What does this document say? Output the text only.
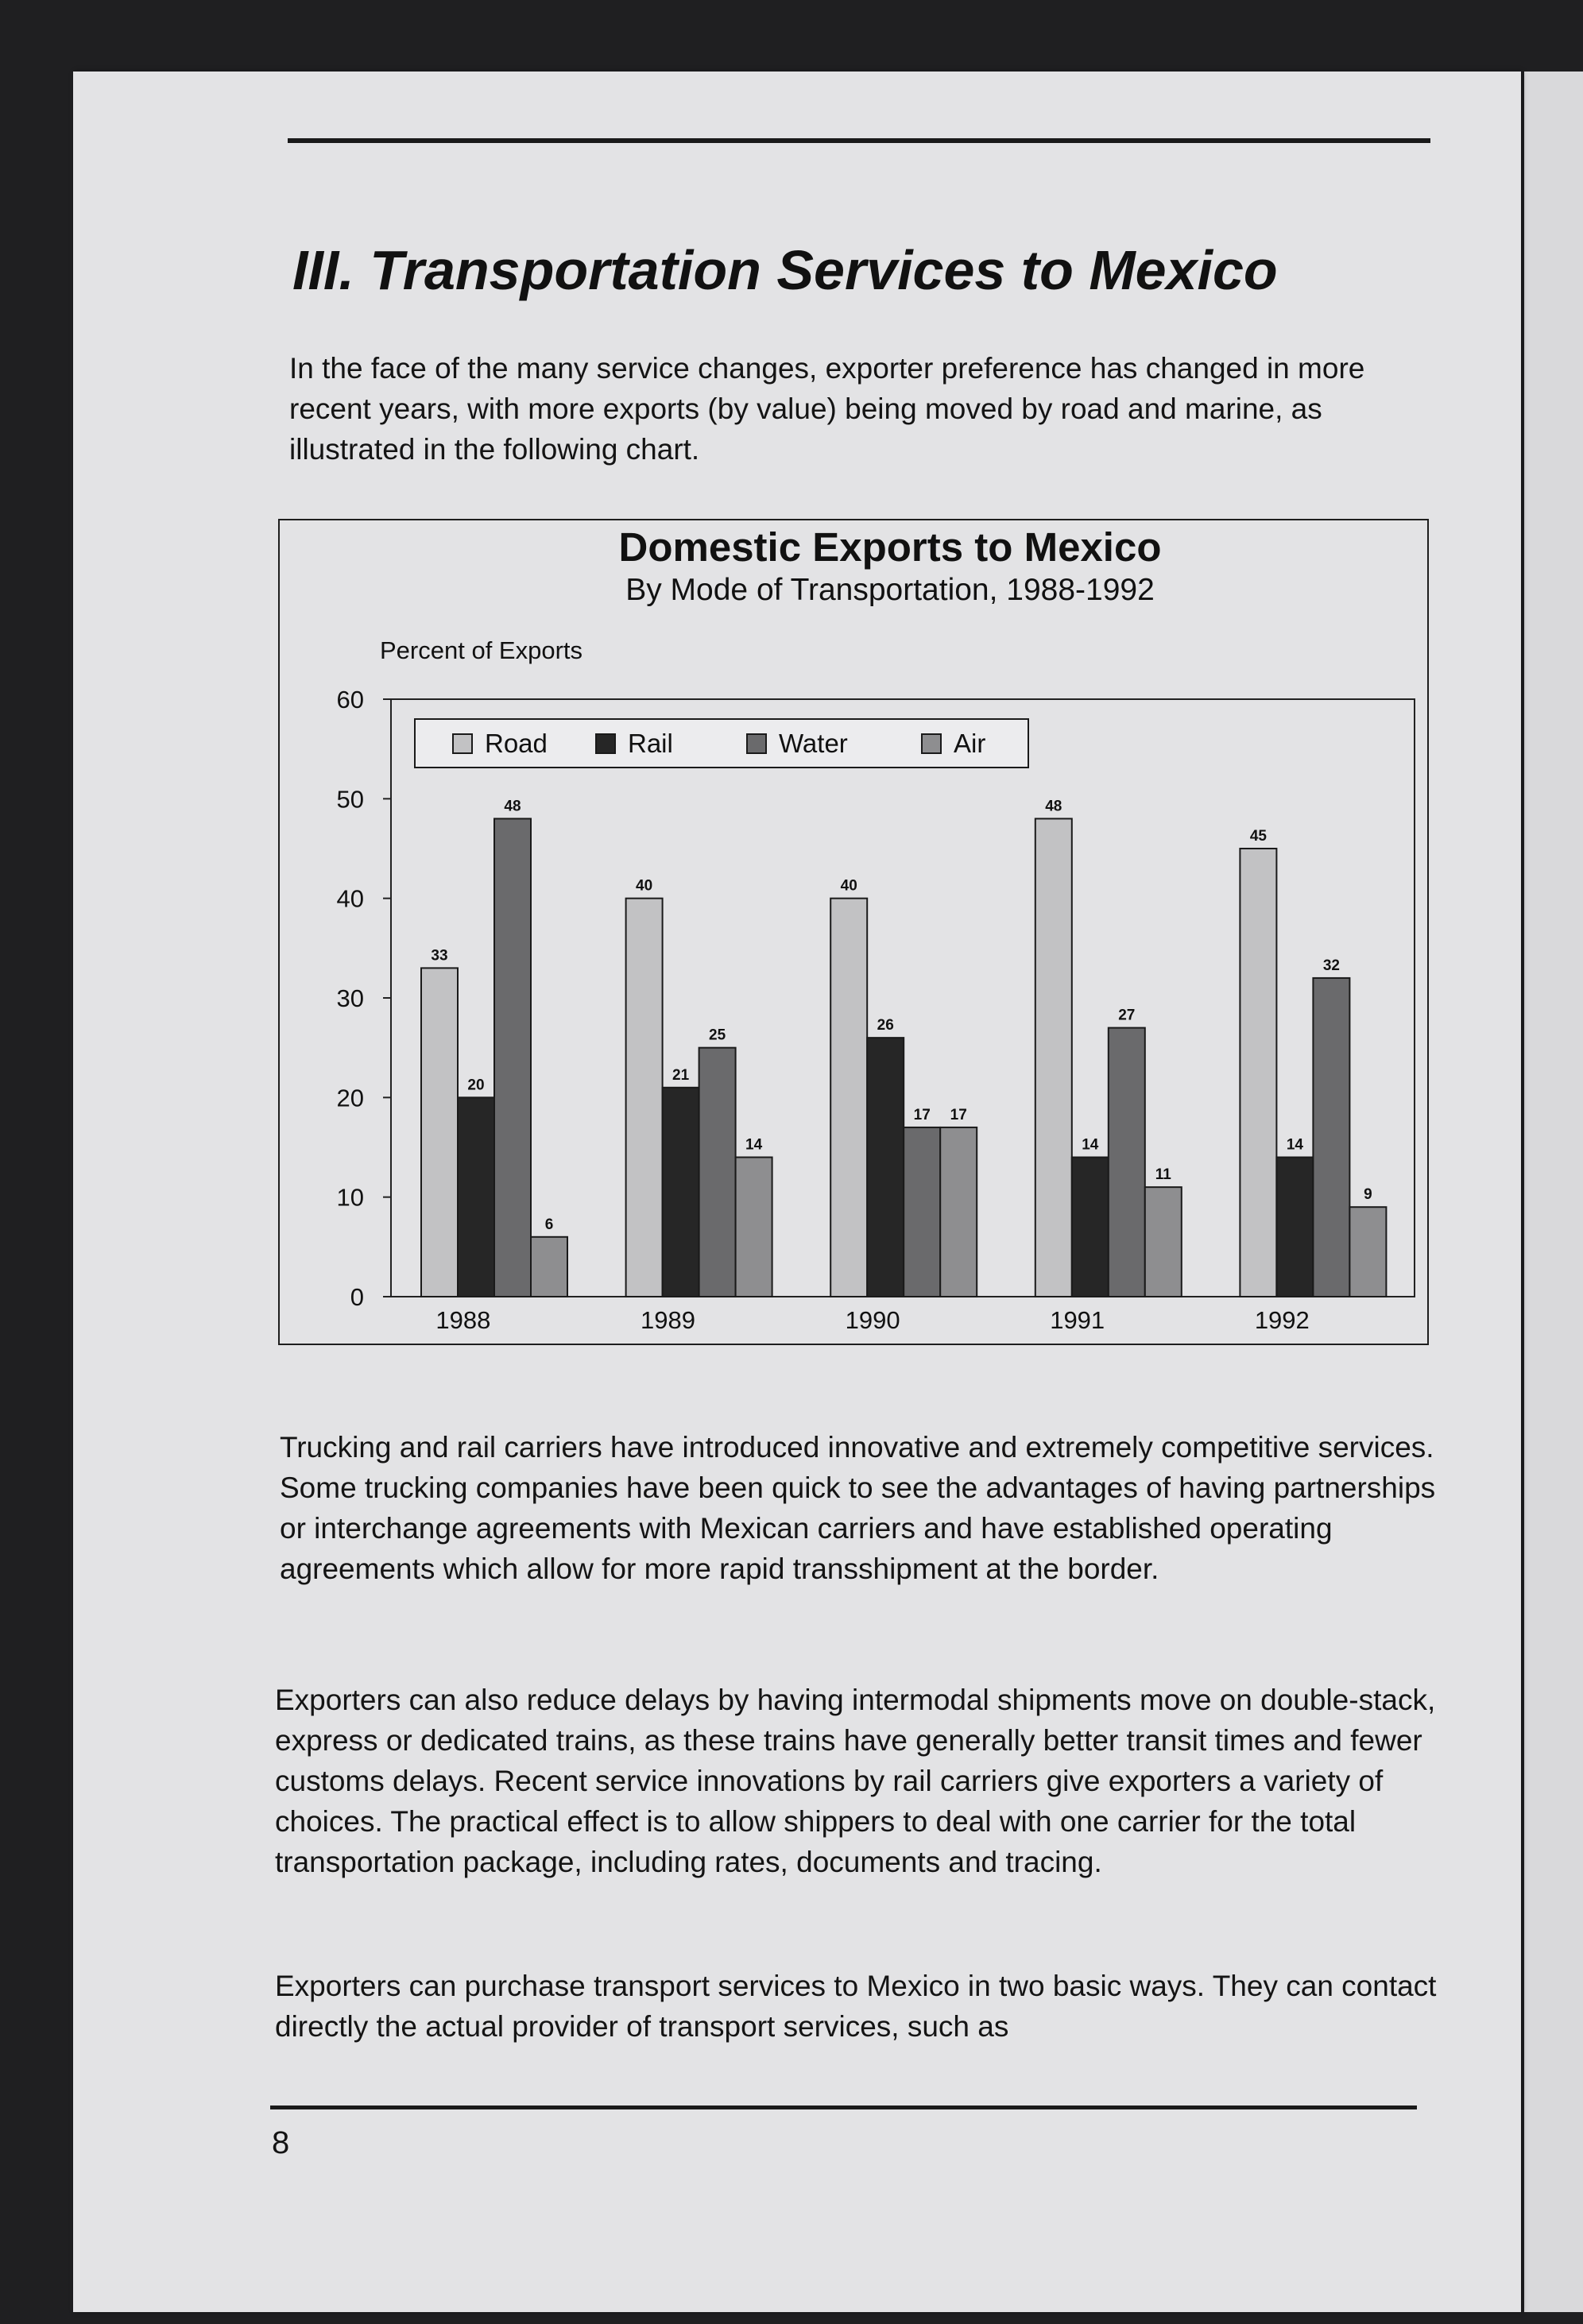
III. Transportation Services to Mexico

In the face of the many service changes, exporter preference has changed in more recent years, with more exports (by value) being moved by road and marine, as illustrated in the following chart.

Domestic Exports to Mexico
By Mode of Transportation, 1988-1992
Percent of Exports
0
10
20
30
40
50
60
33
20
48
6
1988
40
21
25
14
1989
40
26
17 17
1990
48
14
27
11
1991
45
14
32
9
1992
Road	Rail	Water	Air

Trucking and rail carriers have introduced innovative and extremely competitive services. Some trucking companies have been quick to see the advantages of having partnerships or interchange agreements with Mexican carriers and have established operating agreements which allow for more rapid transshipment at the border.

Exporters can also reduce delays by having intermodal shipments move on double-stack, express or dedicated trains, as these trains have generally better transit times and fewer customs delays. Recent service innovations by rail carriers give exporters a variety of choices. The practical effect is to allow shippers to deal with one carrier for the total transportation package, including rates, documents and tracing.

Exporters can purchase transport services to Mexico in two basic ways. They can contact directly the actual provider of transport services, such as

8
